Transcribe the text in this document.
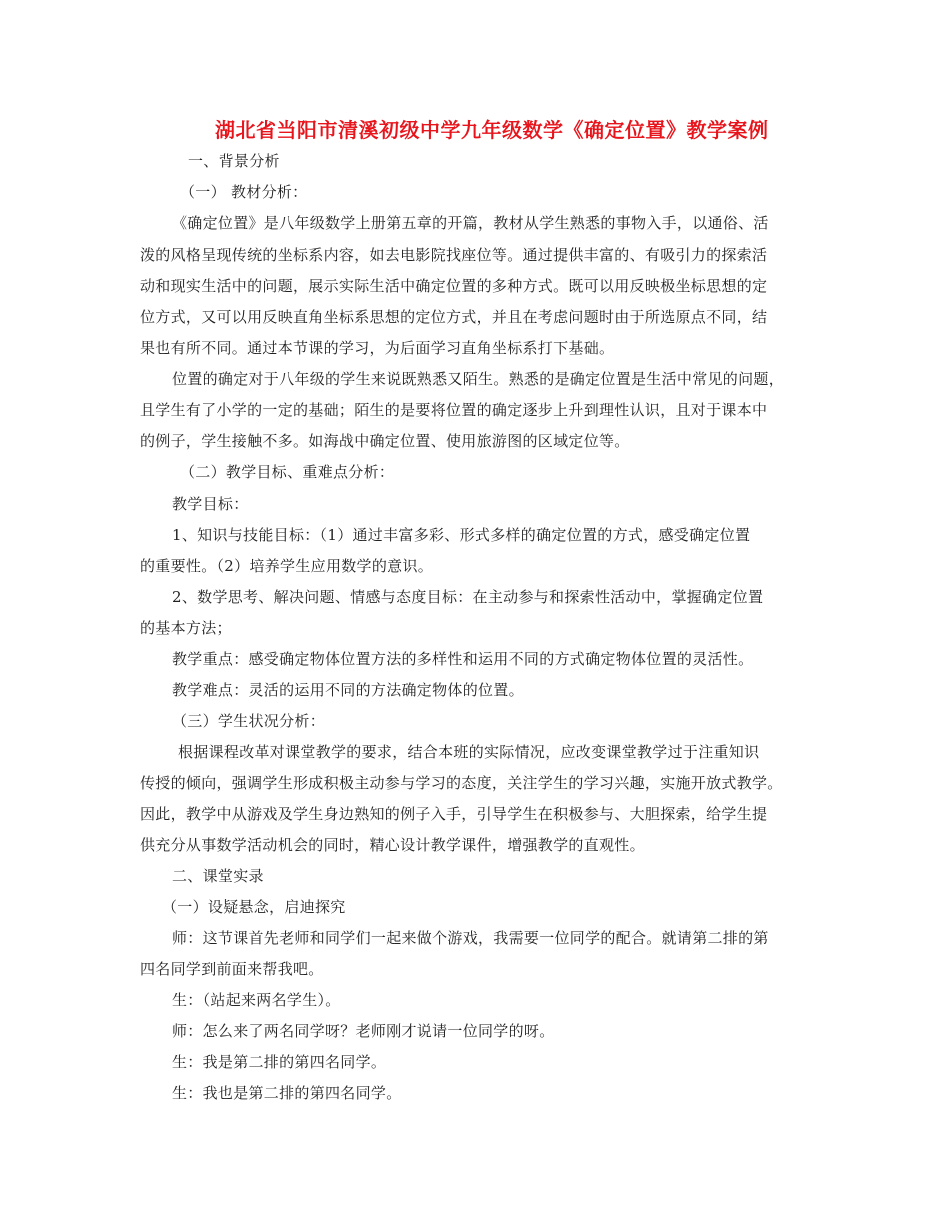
湖北省当阳市清溪初级中学九年级数学《确定位置》教学案例
一、背景分析
（一） 教材分析：
《确定位置》是八年级数学上册第五章的开篇，教材从学生熟悉的事物入手，以通俗、活
泼的风格呈现传统的坐标系内容，如去电影院找座位等。通过提供丰富的、有吸引力的探索活
动和现实生活中的问题，展示实际生活中确定位置的多种方式。既可以用反映极坐标思想的定
位方式，又可以用反映直角坐标系思想的定位方式，并且在考虑问题时由于所选原点不同，结
果也有所不同。通过本节课的学习，为后面学习直角坐标系打下基础。
位置的确定对于八年级的学生来说既熟悉又陌生。熟悉的是确定位置是生活中常见的问题，
且学生有了小学的一定的基础；陌生的是要将位置的确定逐步上升到理性认识，且对于课本中
的例子，学生接触不多。如海战中确定位置、使用旅游图的区域定位等。
（二）教学目标、重难点分析：
教学目标：
1、知识与技能目标：（1）通过丰富多彩、形式多样的确定位置的方式，感受确定位置
的重要性。（2）培养学生应用数学的意识。
2、数学思考、解决问题、情感与态度目标：在主动参与和探索性活动中，掌握确定位置
的基本方法；
教学重点：感受确定物体位置方法的多样性和运用不同的方式确定物体位置的灵活性。
教学难点：灵活的运用不同的方法确定物体的位置。
（三）学生状况分析：
根据课程改革对课堂教学的要求，结合本班的实际情况，应改变课堂教学过于注重知识
传授的倾向，强调学生形成积极主动参与学习的态度，关注学生的学习兴趣，实施开放式教学。
因此，教学中从游戏及学生身边熟知的例子入手，引导学生在积极参与、大胆探索，给学生提
供充分从事数学活动机会的同时，精心设计教学课件，增强教学的直观性。
二、课堂实录
（一）设疑悬念，启迪探究
师：这节课首先老师和同学们一起来做个游戏，我需要一位同学的配合。就请第二排的第
四名同学到前面来帮我吧。
生：（站起来两名学生）。
师：怎么来了两名同学呀？老师刚才说请一位同学的呀。
生：我是第二排的第四名同学。
生：我也是第二排的第四名同学。
